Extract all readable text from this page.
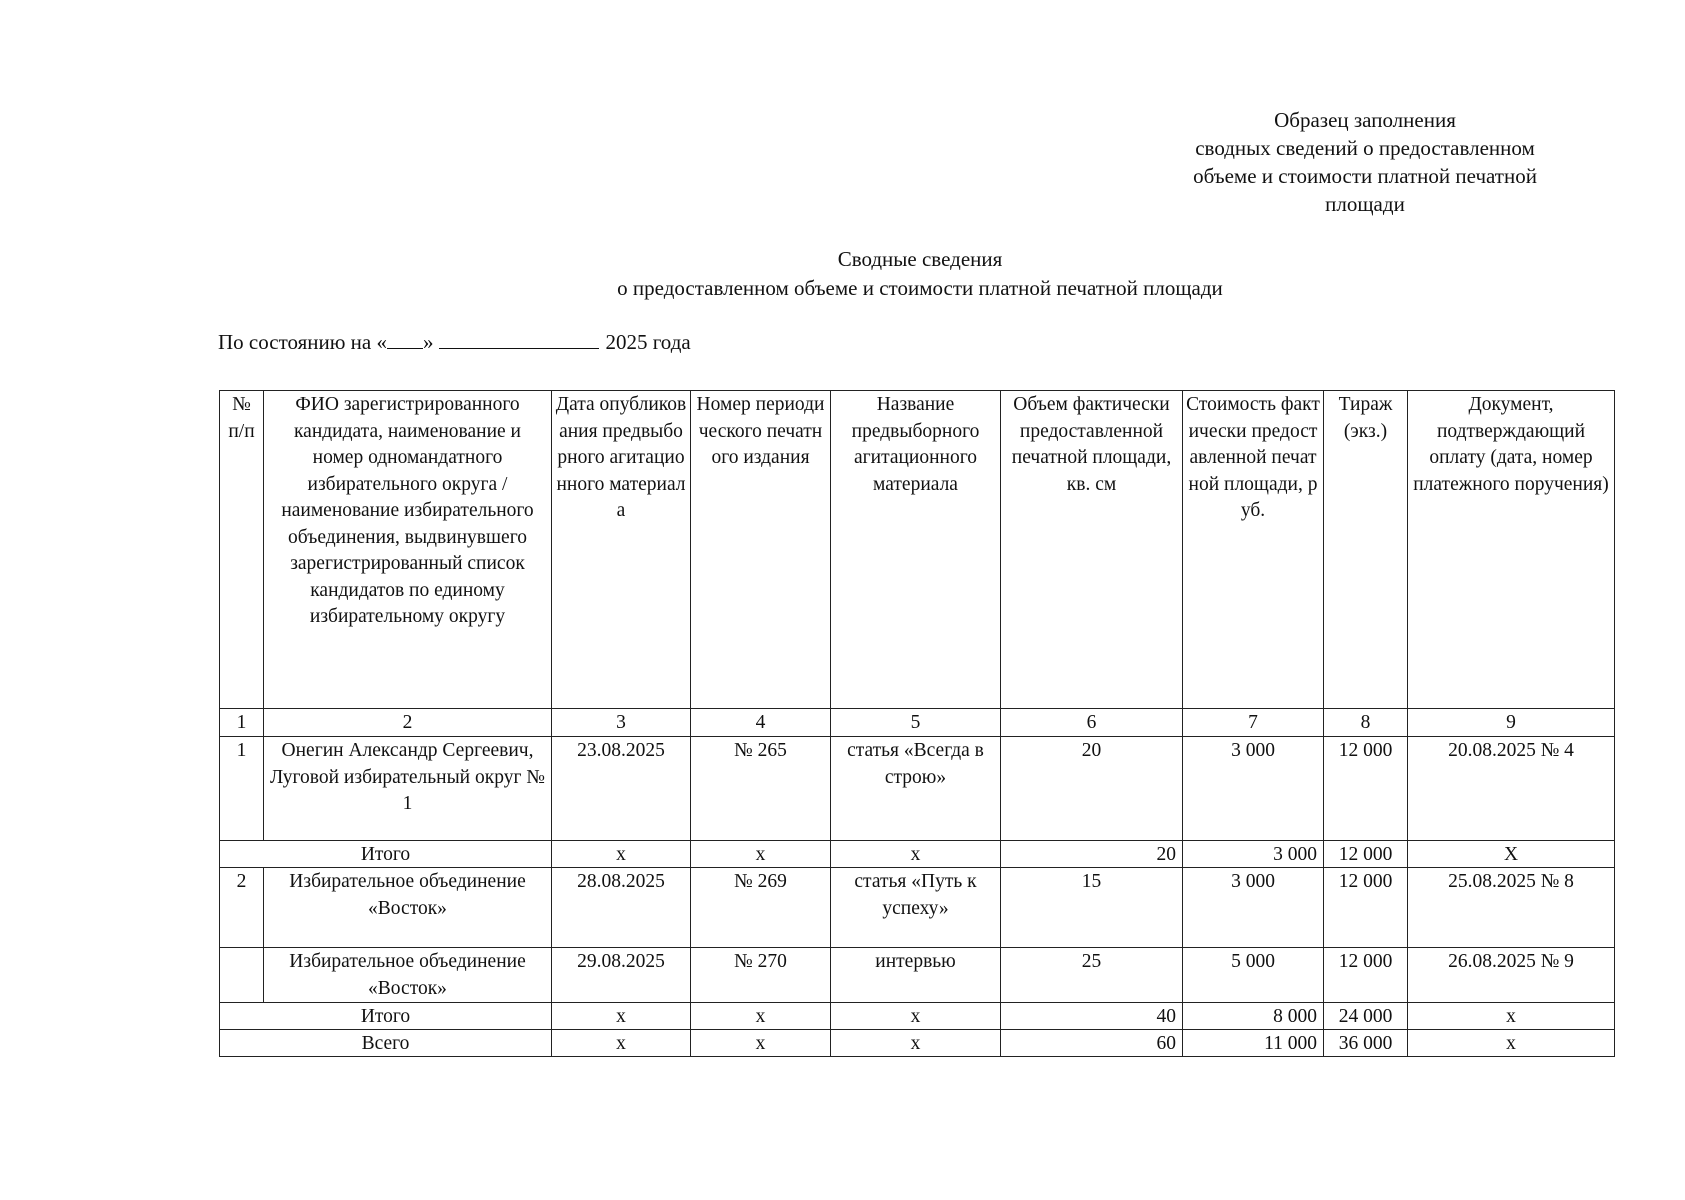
Образец заполнения
сводных сведений о предоставленном
объеме и стоимости платной печатной
площади
Сводные сведения
о предоставленном объеме и стоимости платной печатной площади
По состоянию на « »	2025 года
№ п/п	ФИО зарегистрированного кандидата, наименование и номер одномандатного избирательного округа / наименование избирательного объединения, выдвинувшего зарегистрированный список кандидатов по единому избирательному округу	Дата опубликования предвыборного агитационного материала	Номер периодического печатного издания	Название предвыборного агитационного материала	Объем фактически предоставленной печатной площади, кв. см	Стоимость фактически предоставленной печатной площади, руб.	Тираж (экз.)	Документ, подтверждающий оплату (дата, номер платежного поручения)
1	2	3	4	5	6	7	8	9
1	Онегин Александр Сергеевич, Луговой избирательный округ № 1	23.08.2025	№ 265	статья «Всегда в строю»	20	3 000	12 000	20.08.2025 № 4
Итого		х	х	х	20	3 000	12 000	Х
2	Избирательное объединение «Восток»	28.08.2025	№ 269	статья «Путь к успеху»	15	3 000	12 000	25.08.2025 № 8
	Избирательное объединение «Восток»	29.08.2025	№ 270	интервью	25	5 000	12 000	26.08.2025 № 9
Итого		х	х	х	40	8 000	24 000	х
Всего		х	х	х	60	11 000	36 000	х
